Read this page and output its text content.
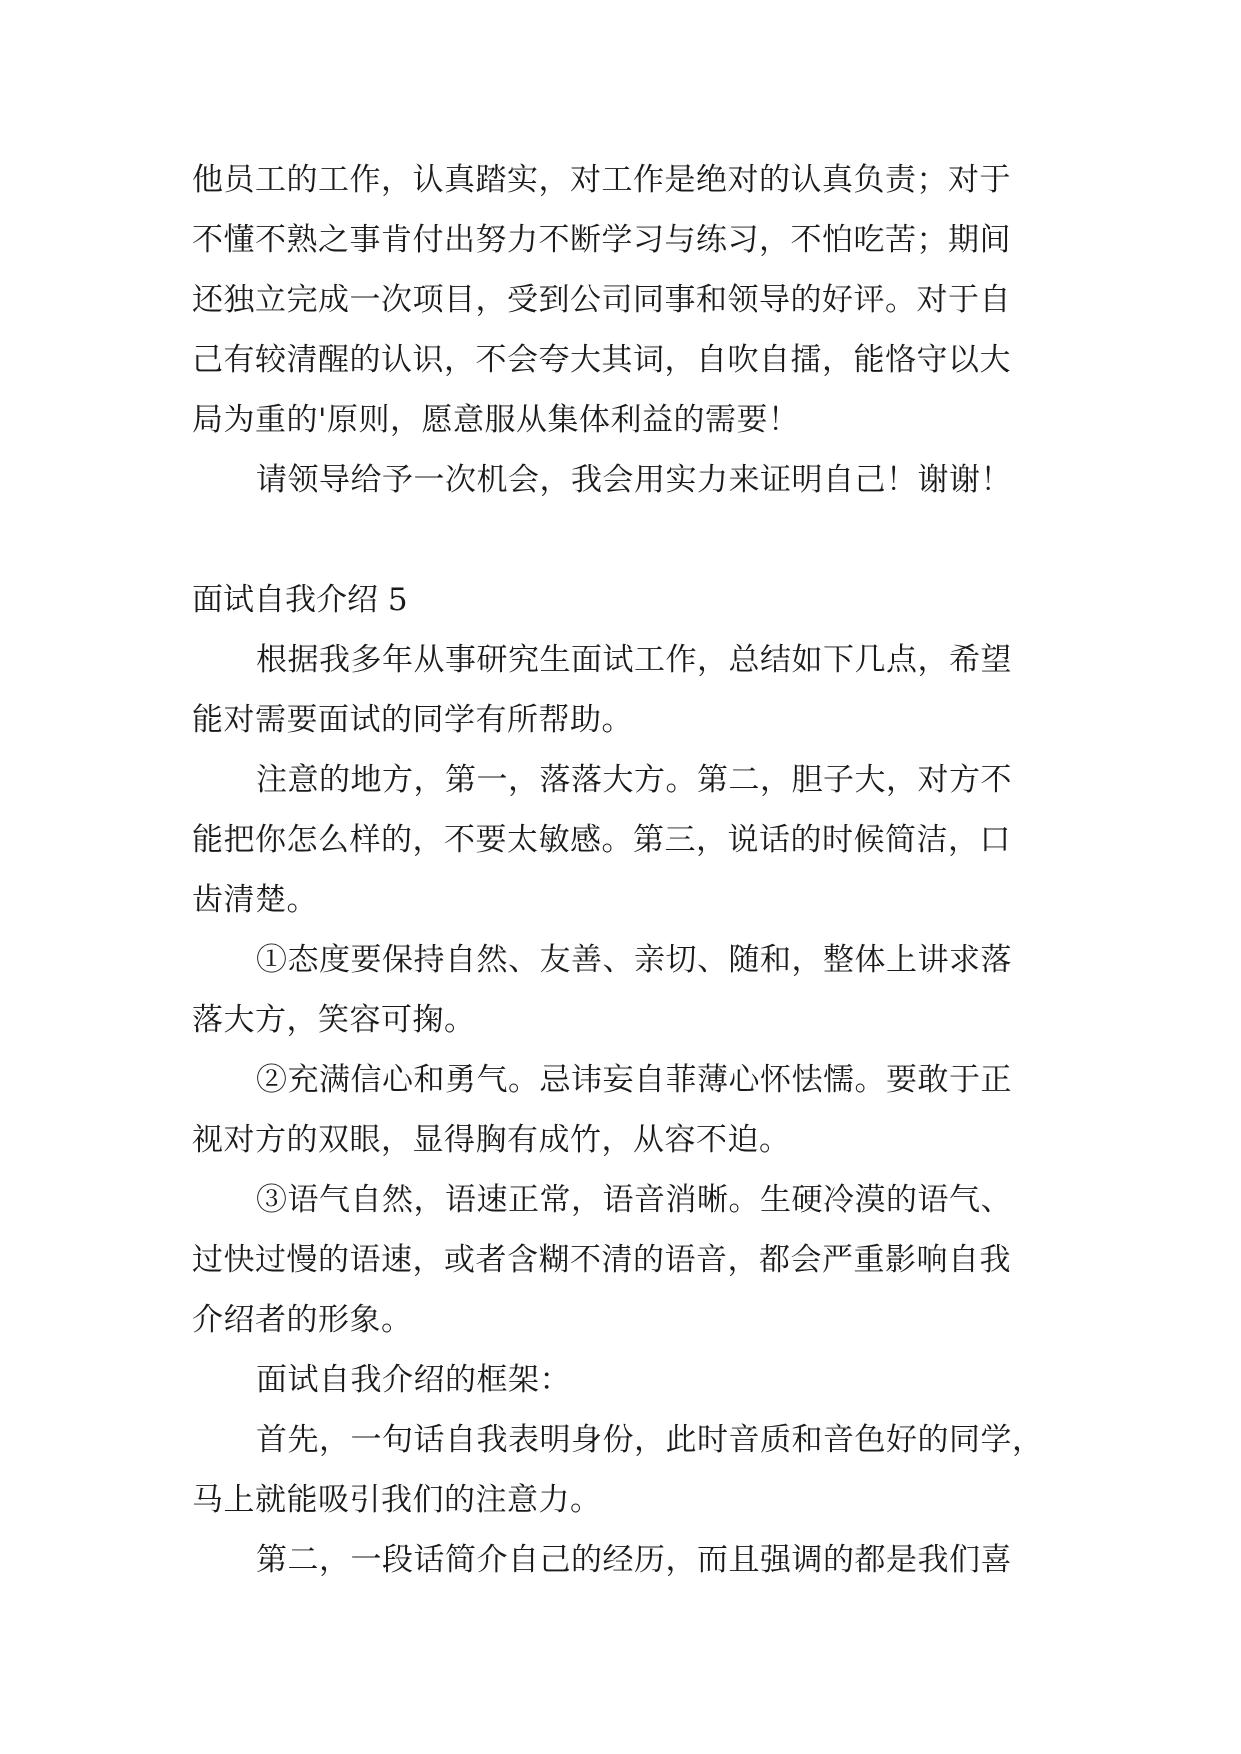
他员工的工作，认真踏实，对工作是绝对的认真负责；对于
不懂不熟之事肯付出努力不断学习与练习，不怕吃苦；期间
还独立完成一次项目，受到公司同事和领导的好评。对于自
己有较清醒的认识，不会夸大其词，自吹自擂，能恪守以大
局为重的'原则，愿意服从集体利益的需要！
请领导给予一次机会，我会用实力来证明自己！谢谢！
面试自我介绍 5
根据我多年从事研究生面试工作，总结如下几点，希望
能对需要面试的同学有所帮助。
注意的地方，第一，落落大方。第二，胆子大，对方不
能把你怎么样的，不要太敏感。第三，说话的时候简洁，口
齿清楚。
①态度要保持自然、友善、亲切、随和，整体上讲求落
落大方，笑容可掬。
②充满信心和勇气。忌讳妄自菲薄心怀怯懦。要敢于正
视对方的双眼，显得胸有成竹，从容不迫。
③语气自然，语速正常，语音消晰。生硬冷漠的语气、
过快过慢的语速，或者含糊不清的语音，都会严重影响自我
介绍者的形象。
面试自我介绍的框架：
首先，一句话自我表明身份，此时音质和音色好的同学，
马上就能吸引我们的注意力。
第二，一段话简介自己的经历，而且强调的都是我们喜
